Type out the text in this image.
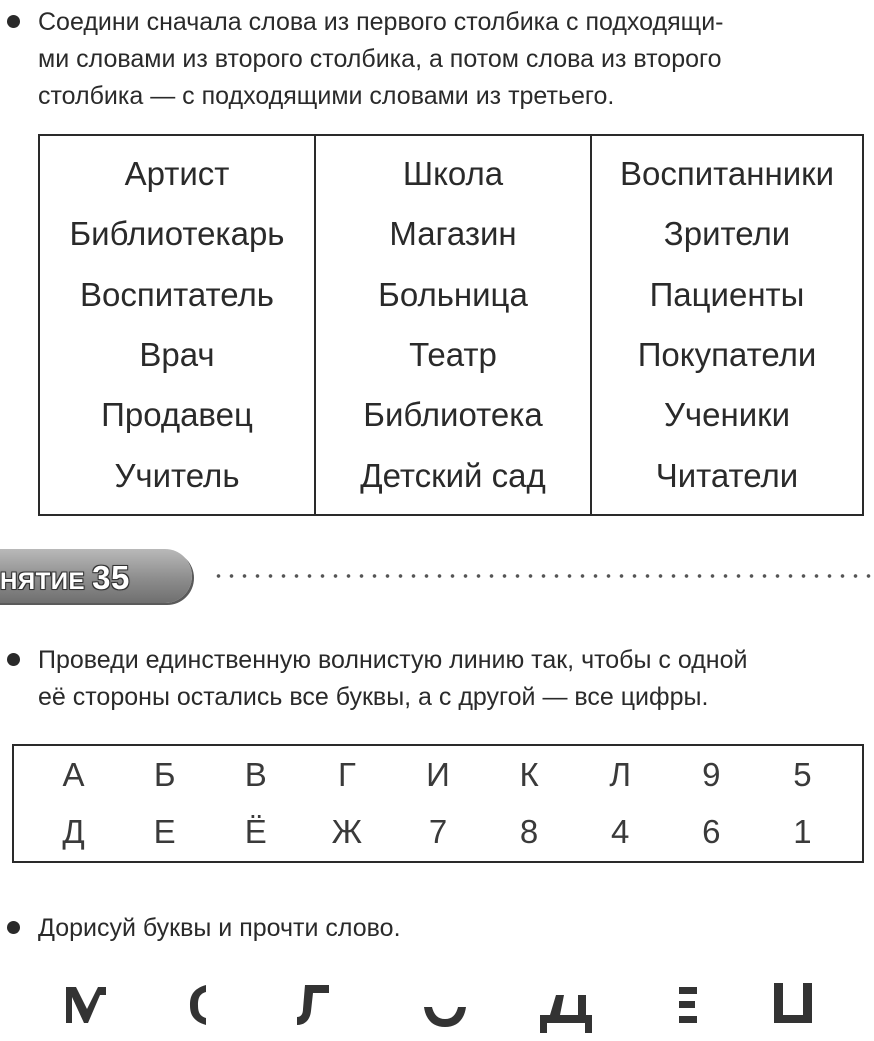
Соедини сначала слова из первого столбика с подходящи-

ми словами из второго столбика, а потом слова из второго

столбика — с подходящими словами из третьего.

Артист
Библиотекарь
Воспитатель
Врач
Продавец
Учитель
Школа
Магазин
Больница
Театр
Библиотека
Детский сад
Воспитанники
Зрители
Пациенты
Покупатели
Ученики
Читатели
НЯТИЕ 35

Проведи единственную волнистую линию так, чтобы с одной

её стороны остались все буквы, а с другой — все цифры.

А Б В Г И К Л 9 5
Д Е Ё Ж 7 8 4 6 1

Дорисуй буквы и прочти слово.
